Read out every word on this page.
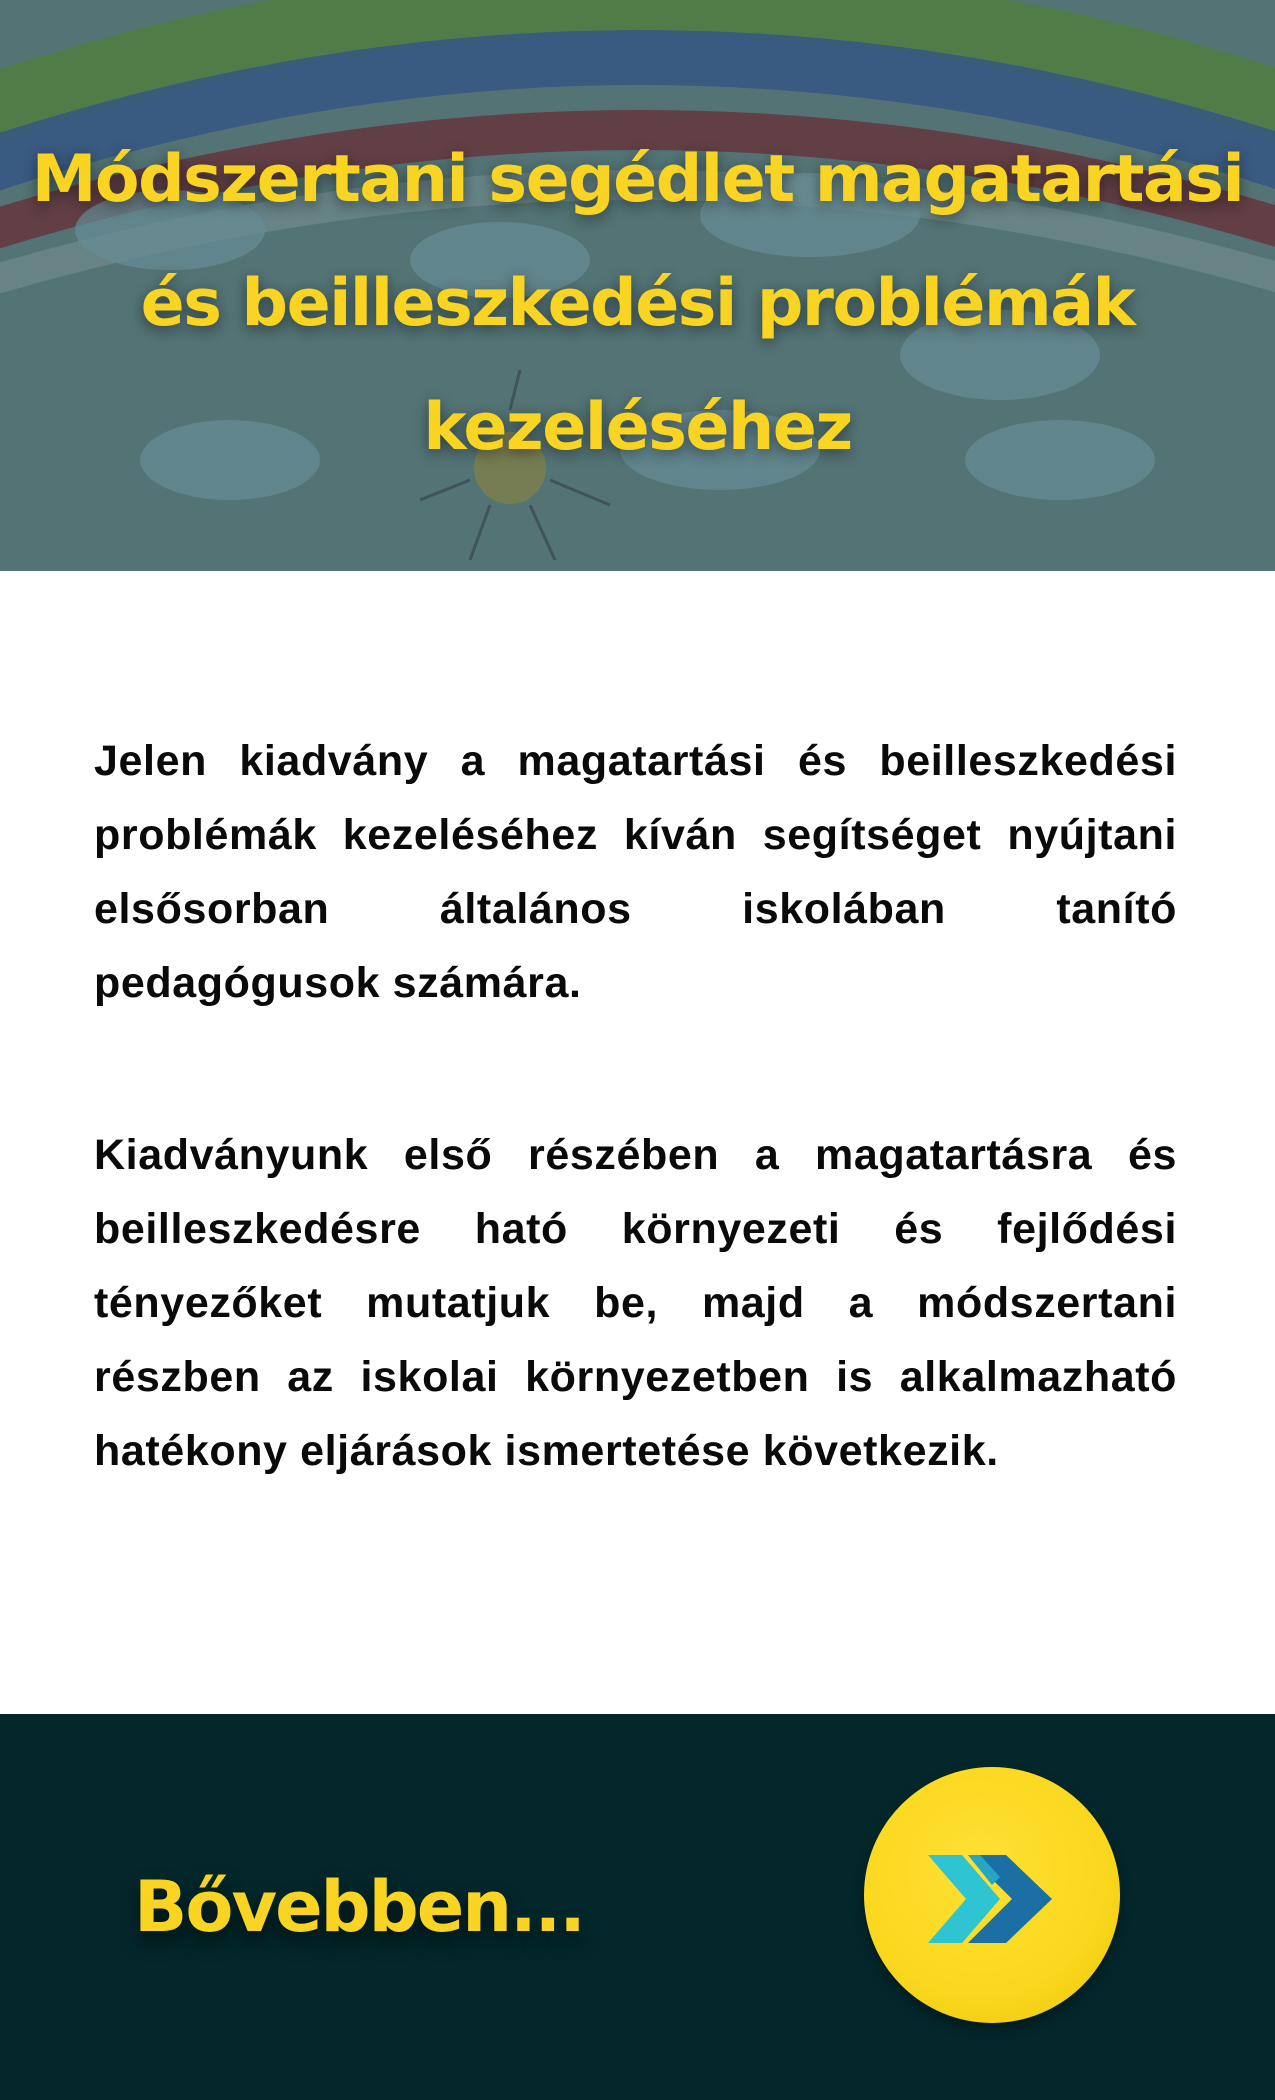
Módszertani segédlet magatartási és beilleszkedési problémák kezeléséhez

Jelen kiadvány a magatartási és beilleszkedési problémák kezeléséhez kíván segítséget nyújtani elsősorban általános iskolában tanító pedagógusok számára.

Kiadványunk első részében a magatartásra és beilleszkedésre ható környezeti és fejlődési tényezőket mutatjuk be, majd a módszertani részben az iskolai környezetben is alkalmazható hatékony eljárások ismertetése következik.

Bővebben...
